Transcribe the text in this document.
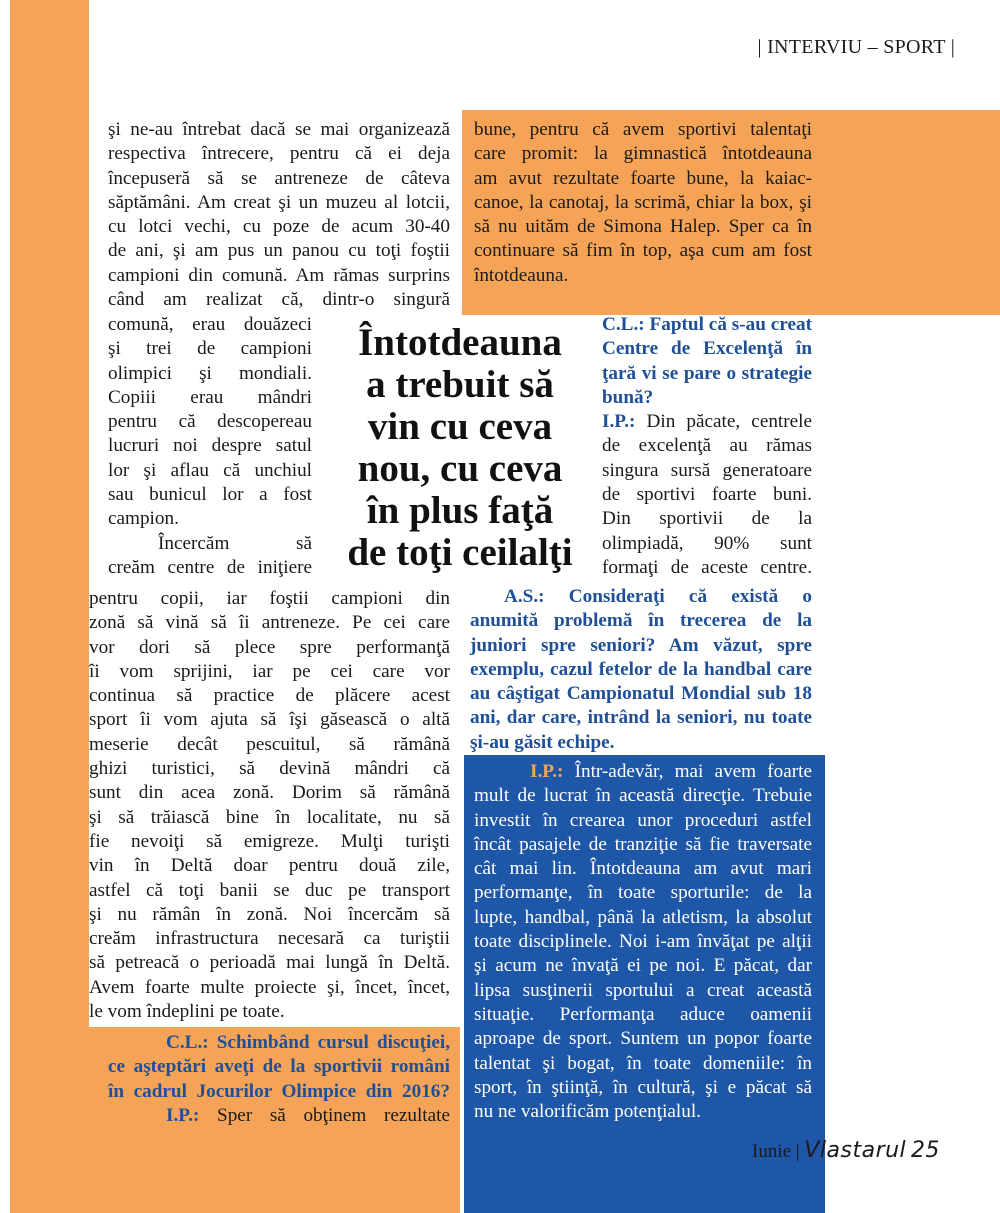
| INTERVIU – SPORT |
şi ne-au întrebat dacă se mai organizează
respectiva întrecere, pentru că ei deja
începuseră să se antreneze de câteva
săptămâni. Am creat şi un muzeu al lotcii,
cu lotci vechi, cu poze de acum 30-40
de ani, şi am pus un panou cu toţi foştii
campioni din comună. Am rămas surprins
când am realizat că, dintr-o singură
comună, erau douăzeci
şi trei de campioni
olimpici şi mondiali.
Copiii erau mândri
pentru că descopereau
lucruri noi despre satul
lor şi aflau că unchiul
sau bunicul lor a fost
campion.
Încercăm să
creăm centre de iniţiere
pentru copii, iar foştii campioni din
zonă să vină să îi antreneze. Pe cei care
vor dori să plece spre performanţă
îi vom sprijini, iar pe cei care vor
continua să practice de plăcere acest
sport îi vom ajuta să îşi găsească o altă
meserie decât pescuitul, să rămână
ghizi turistici, să devină mândri că
sunt din acea zonă. Dorim să rămână
şi să trăiască bine în localitate, nu să
fie nevoiţi să emigreze. Mulţi turişti
vin în Deltă doar pentru două zile,
astfel că toţi banii se duc pe transport
şi nu rămân în zonă. Noi încercăm să
creăm infrastructura necesară ca turiştii
să petreacă o perioadă mai lungă în Deltă.
Avem foarte multe proiecte şi, încet, încet,
le vom îndeplini pe toate.
C.L.: Schimbând cursul discuţiei,
ce aşteptări aveţi de la sportivii români
în cadrul Jocurilor Olimpice din 2016?
I.P.: Sper să obţinem rezultate
Întotdeauna
a trebuit să
vin cu ceva
nou, cu ceva
în plus faţă
de toţi ceilalţi
bune, pentru că avem sportivi talentaţi
care promit: la gimnastică întotdeauna
am avut rezultate foarte bune, la kaiac-
canoe, la canotaj, la scrimă, chiar la box, şi
să nu uităm de Simona Halep. Sper ca în
continuare să fim în top, aşa cum am fost
întotdeauna.
C.L.: Faptul că s-au creat
Centre de Excelenţă în
ţară vi se pare o strategie
bună?
I.P.: Din păcate, centrele
de excelenţă au rămas
singura sursă generatoare
de sportivi foarte buni.
Din sportivii de la
olimpiadă, 90% sunt
formaţi de aceste centre.
A.S.: Consideraţi că există o
anumită problemă în trecerea de la
juniori spre seniori? Am văzut, spre
exemplu, cazul fetelor de la handbal care
au câştigat Campionatul Mondial sub 18
ani, dar care, intrând la seniori, nu toate
şi-au găsit echipe.
I.P.: Într-adevăr, mai avem foarte
mult de lucrat în această direcţie. Trebuie
investit în crearea unor proceduri astfel
încât pasajele de tranziţie să fie traversate
cât mai lin. Întotdeauna am avut mari
performanţe, în toate sporturile: de la
lupte, handbal, până la atletism, la absolut
toate disciplinele. Noi i-am învăţat pe alţii
şi acum ne învaţă ei pe noi. E păcat, dar
lipsa susţinerii sportului a creat această
situaţie. Performanţa aduce oamenii
aproape de sport. Suntem un popor foarte
talentat şi bogat, în toate domeniile: în
sport, în ştiinţă, în cultură, şi e păcat să
nu ne valorificăm potenţialul.
Iunie | Vlastarul 25
